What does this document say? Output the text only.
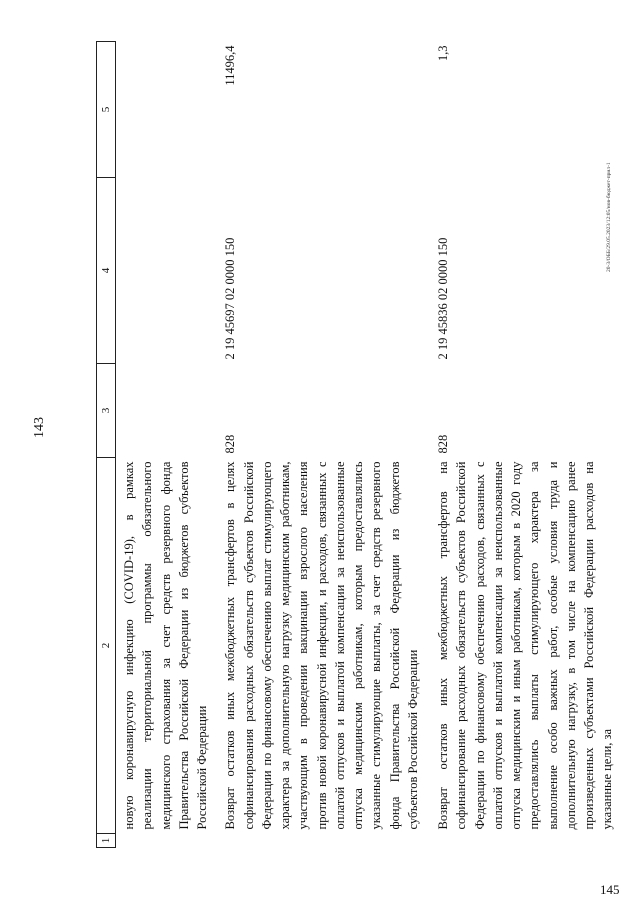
143
20-3/ОББ/29.05.2023/12:05/нов-бюджет-прил-1
1	2	3	4	5
	новую коронавирусную инфекцию (COVID-19), в рамках реализации территориальной программы обязательного медицинского страхования за счет средств резервного фонда Правительства Российской Федерации из бюджетов субъектов Российской Федерации			
	Возврат остатков иных межбюджетных трансфертов в целях софинансирования расходных обязательств субъектов Российской Федерации по финансовому обеспечению выплат стимулирующего характера за дополнительную нагрузку медицинским работникам, участвующим в проведении вакцинации взрослого населения против новой коронавирусной инфекции, и расходов, связанных с оплатой отпусков и выплатой компенсации за неиспользованные отпуска медицинским работникам, которым предоставлялись указанные стимулирующие выплаты, за счет средств резервного фонда Правительства Российской Федерации из бюджетов субъектов Российской Федерации	828	2 19 45697 02 0000 150	11496,4
	Возврат остатков иных межбюджетных трансфертов на софинансирование расходных обязательств субъектов Российской Федерации по финансовому обеспечению расходов, связанных с оплатой отпусков и выплатой компенсации за неиспользованные отпуска медицинским и иным работникам, которым в 2020 году предоставлялись выплаты стимулирующего характера за выполнение особо важных работ, особые условия труда и дополнительную нагрузку, в том числе на компенсацию ранее произведенных субъектами Российской Федерации расходов на указанные цели, за	828	2 19 45836 02 0000 150	1,3
145
